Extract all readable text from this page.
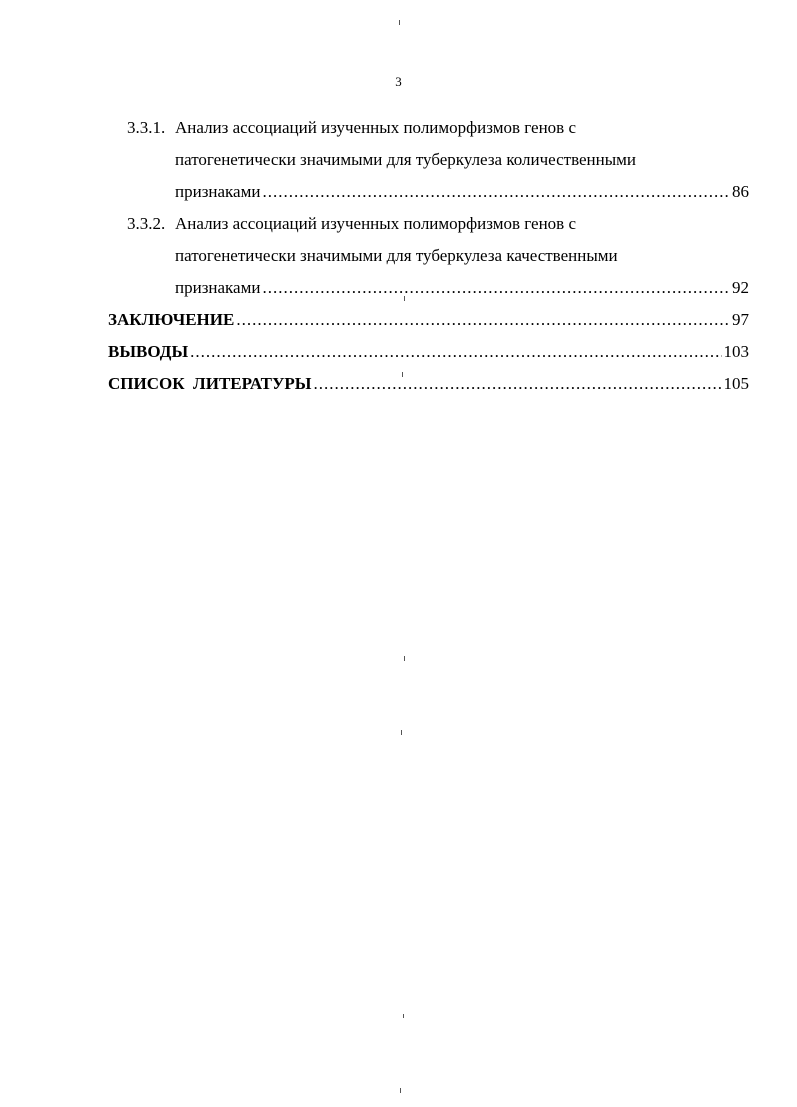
3
3.3.1. Анализ ассоциаций изученных полиморфизмов генов с
патогенетически значимыми для туберкулеза количественными
признаками .....	86
3.3.2. Анализ ассоциаций изученных полиморфизмов генов с
патогенетически значимыми для туберкулеза качественными
признаками .....	92
ЗАКЛЮЧЕНИЕ .....	97
ВЫВОДЫ .....	103
СПИСОК  ЛИТЕРАТУРЫ .....	105
